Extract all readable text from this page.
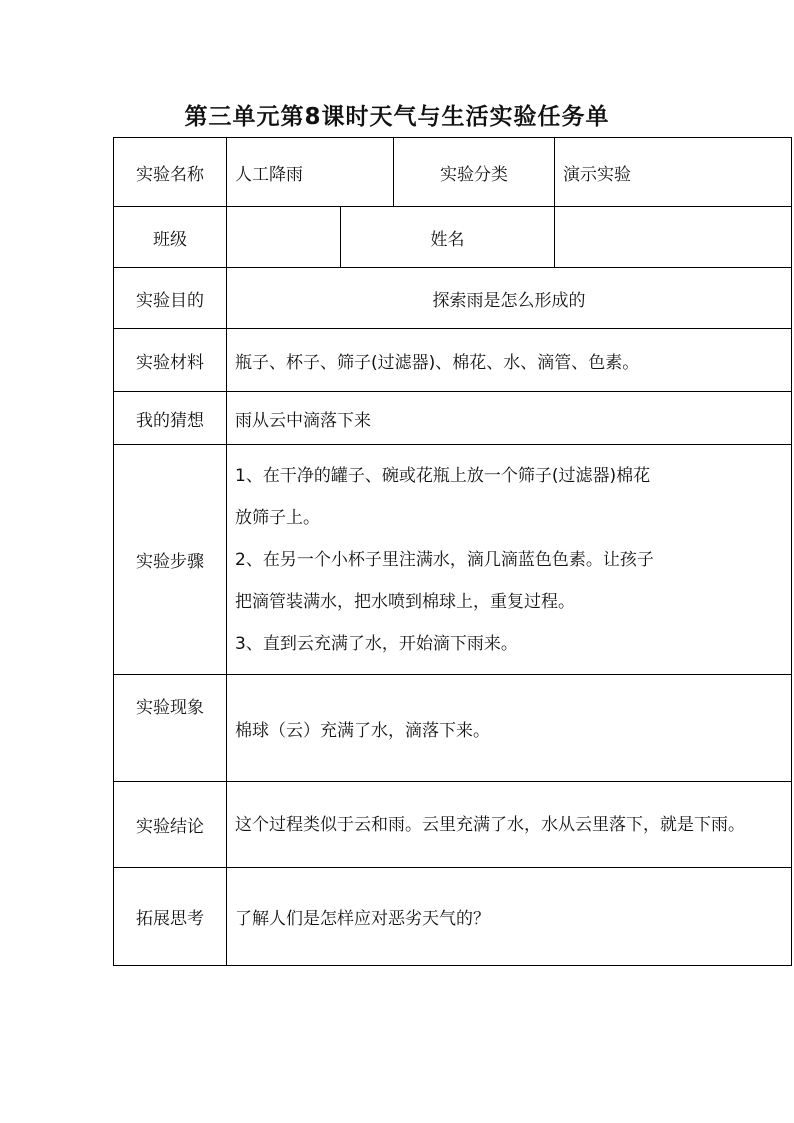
第三单元第8课时天气与生活实验任务单
实验名称	人工降雨		实验分类	演示实验
班级		姓名		
实验目的	探索雨是怎么形成的			
实验材料	瓶子、杯子、筛子(过滤器)、棉花、水、滴管、色素。			
我的猜想	雨从云中滴落下来			
实验步骤	1、在干净的罐子、碗或花瓶上放一个筛子(过滤器)棉花

放筛子上。

2、在另一个小杯子里注满水，滴几滴蓝色色素。让孩子

把滴管装满水，把水喷到棉球上，重复过程。

3、直到云充满了水，开始滴下雨来。			

实验现象	棉球（云）充满了水，滴落下来。			
实验结论	这个过程类似于云和雨。云里充满了水，水从云里落下，就是下雨。			
拓展思考	了解人们是怎样应对恶劣天气的？			
